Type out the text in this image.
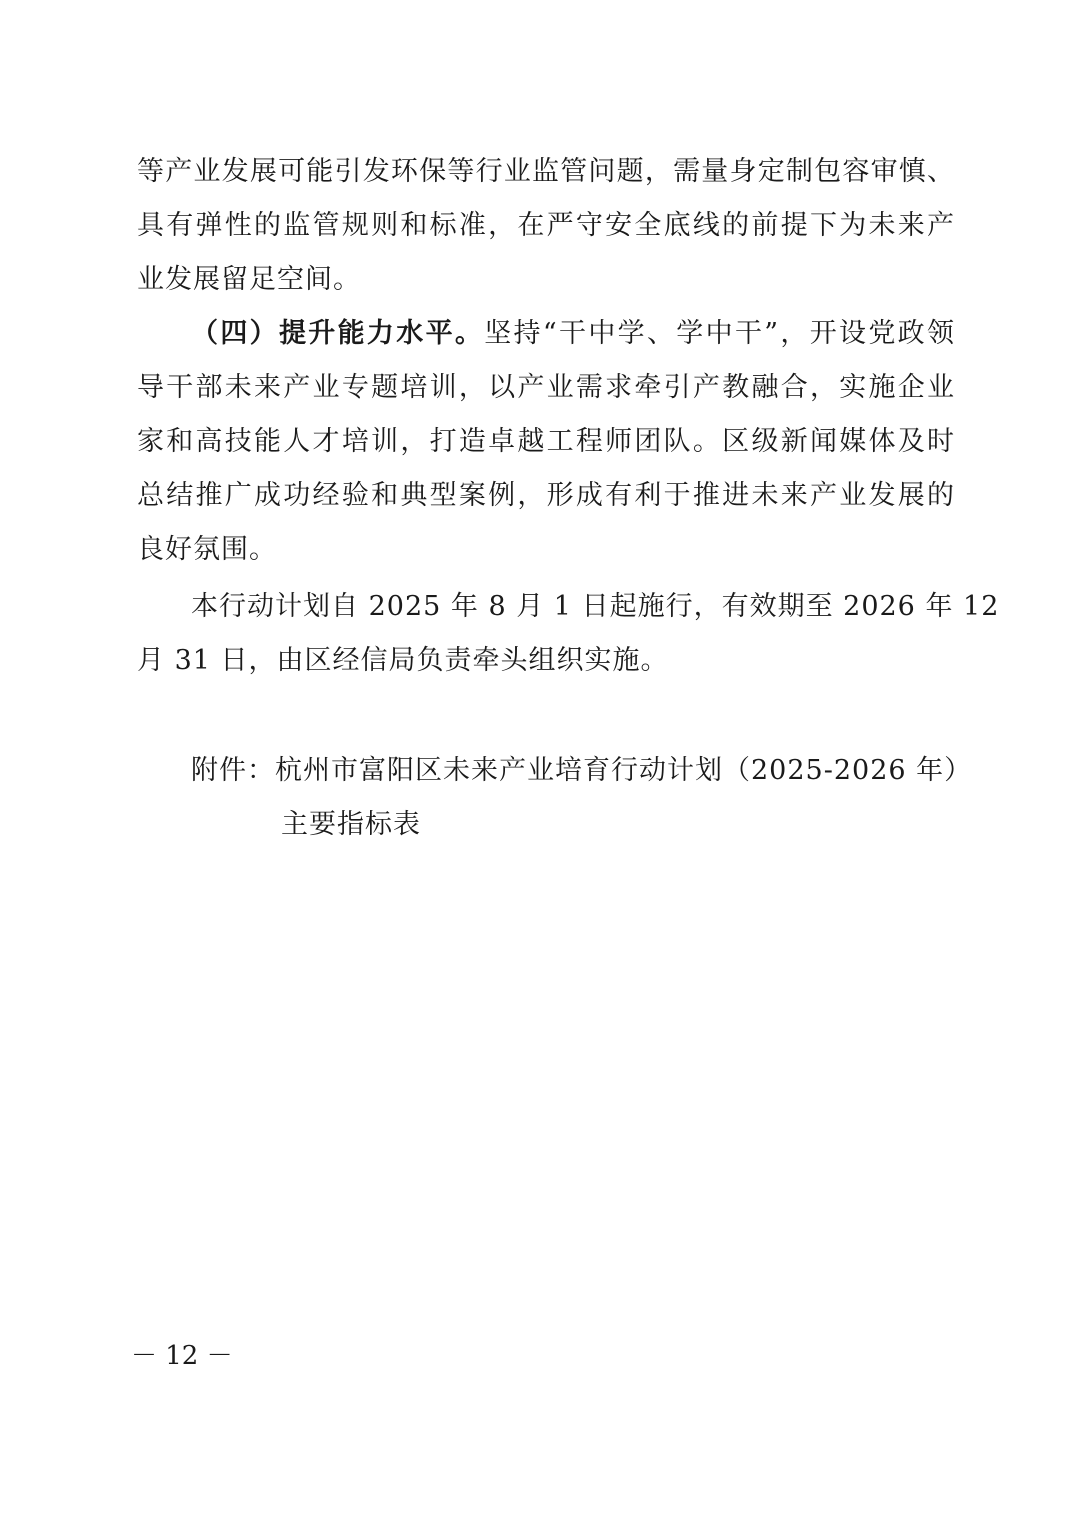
等产业发展可能引发环保等行业监管问题，需量身定制包容审慎、
具有弹性的监管规则和标准，在严守安全底线的前提下为未来产
业发展留足空间。
（四）提升能力水平。坚持“干中学、学中干”，开设党政领
导干部未来产业专题培训，以产业需求牵引产教融合，实施企业
家和高技能人才培训，打造卓越工程师团队。区级新闻媒体及时
总结推广成功经验和典型案例，形成有利于推进未来产业发展的
良好氛围。
本行动计划自 2025 年 8 月 1 日起施行，有效期至 2026 年 12
月 31 日，由区经信局负责牵头组织实施。
附件：杭州市富阳区未来产业培育行动计划（2025-2026 年）
主要指标表
－ 12 －
